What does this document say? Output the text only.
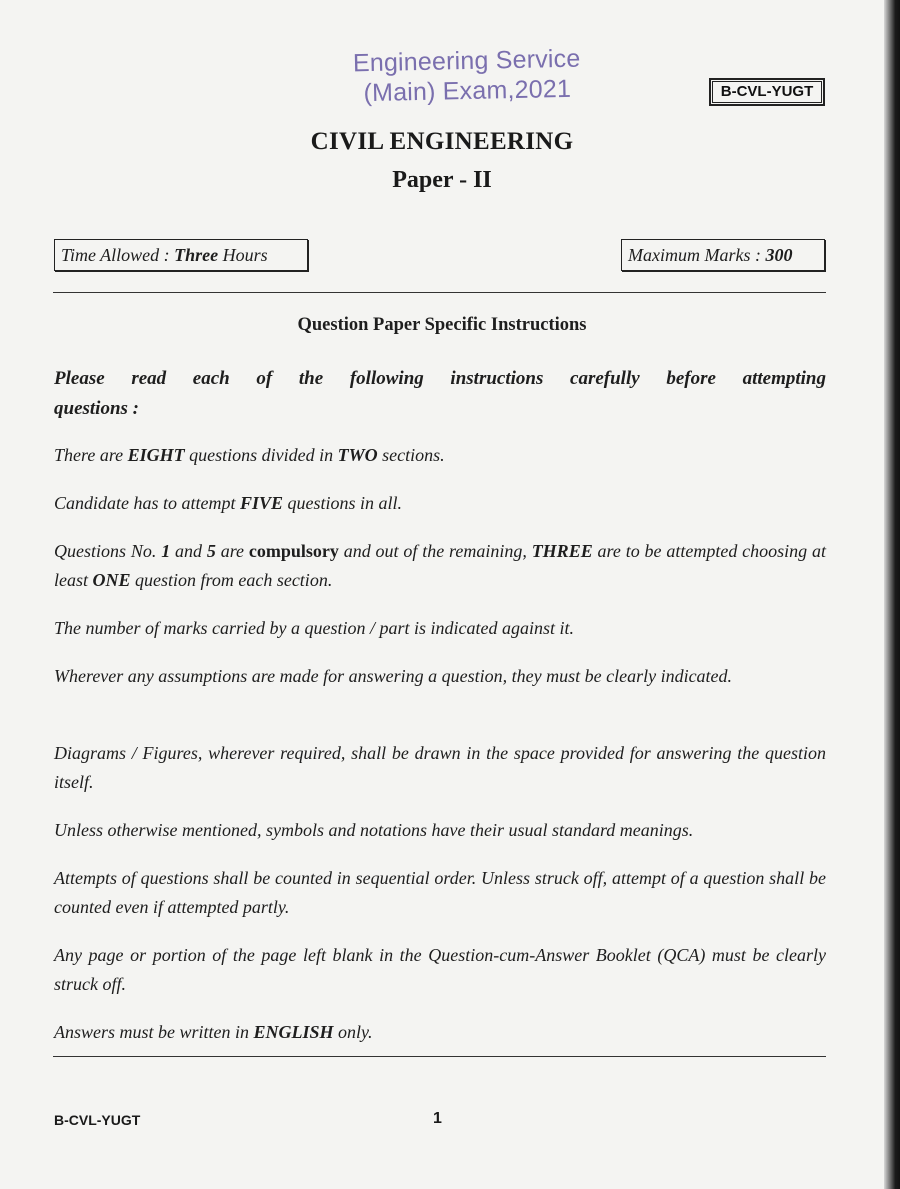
Engineering Service
(Main) Exam,2021	B-CVL-YUGT
CIVIL ENGINEERING
Paper - II
Time Allowed : Three Hours	Maximum Marks : 300
Question Paper Specific Instructions
Please read each of the following instructions carefully before attempting
questions :
There are EIGHT questions divided in TWO sections.
Candidate has to attempt FIVE questions in all.
Questions No. 1 and 5 are compulsory and out of the remaining, THREE are to be attempted choosing at least ONE question from each section.
The number of marks carried by a question / part is indicated against it.
Wherever any assumptions are made for answering a question, they must be clearly indicated.
Diagrams / Figures, wherever required, shall be drawn in the space provided for answering the question itself.
Unless otherwise mentioned, symbols and notations have their usual standard meanings.
Attempts of questions shall be counted in sequential order. Unless struck off, attempt of a question shall be counted even if attempted partly.
Any page or portion of the page left blank in the Question-cum-Answer Booklet (QCA) must be clearly struck off.
Answers must be written in ENGLISH only.
B-CVL-YUGT	1
